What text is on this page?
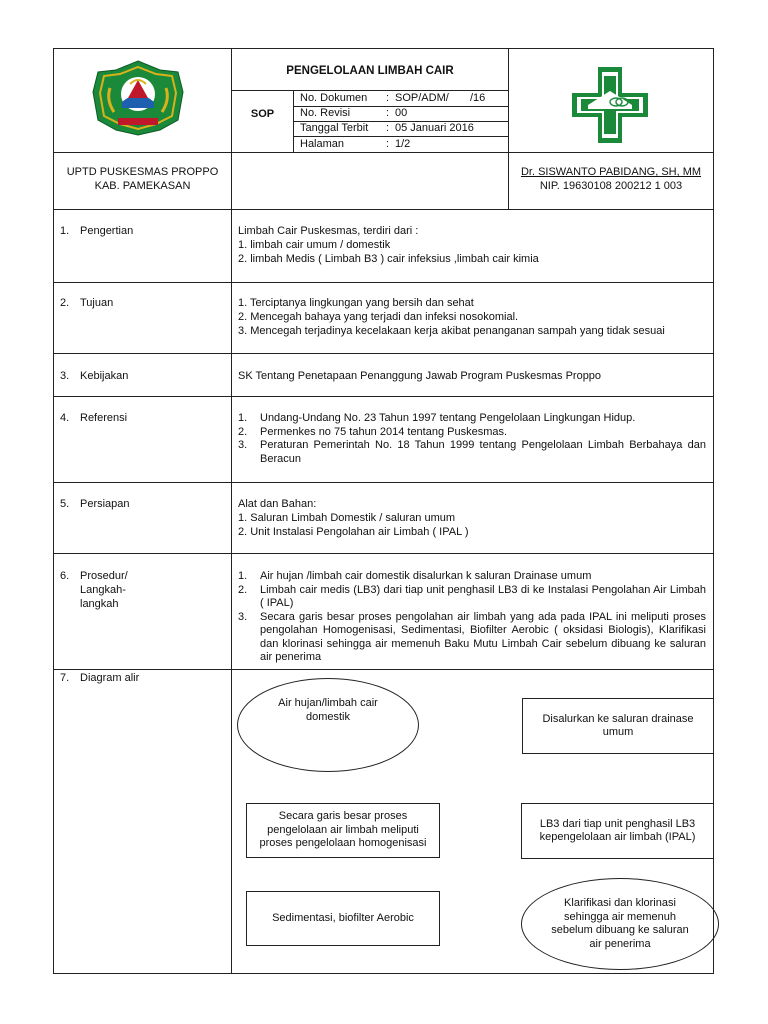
PENGELOLAAN LIMBAH CAIR
SOP
No. Dokumen : SOP/ADM/ /16
No. Revisi	: 00
Tanggal Terbit : 05 Januari 2016
Halaman	: 1/2
UPTD PUSKESMAS PROPPO
KAB. PAMEKASAN
Dr. SISWANTO PABIDANG, SH, MM
NIP. 19630108 200212 1 003
1. Pengertian	Limbah Cair Puskesmas, terdiri dari :
1. limbah cair umum / domestik
2. limbah Medis ( Limbah B3 ) cair infeksius ,limbah cair kimia
2. Tujuan	1. Terciptanya lingkungan yang bersih dan sehat
2. Mencegah bahaya yang terjadi dan infeksi nosokomial.
3. Mencegah terjadinya kecelakaan kerja akibat penanganan sampah yang tidak sesuai
3. Kebijakan	SK Tentang Penetapaan Penanggung Jawab Program Puskesmas Proppo
4. Referensi	1. Undang-Undang No. 23 Tahun 1997 tentang Pengelolaan Lingkungan Hidup.
2. Permenkes no 75 tahun 2014 tentang Puskesmas.
3. Peraturan Pemerintah No. 18 Tahun 1999 tentang Pengelolaan Limbah Berbahaya dan Beracun
5. Persiapan	Alat dan Bahan:
1. Saluran Limbah Domestik / saluran umum
2. Unit Instalasi Pengolahan air Limbah ( IPAL )
6. Prosedur/
Langkah-
langkah
1. Air hujan /limbah cair domestik disalurkan k saluran Drainase umum
2. Limbah cair medis (LB3) dari tiap unit penghasil LB3 di ke Instalasi Pengolahan Air Limbah ( IPAL)
3. Secara garis besar proses pengolahan air limbah yang ada pada IPAL ini meliputi proses pengolahan Homogenisasi, Sedimentasi, Biofilter Aerobic ( oksidasi Biologis), Klarifikasi dan klorinasi sehingga air memenuh Baku Mutu Limbah Cair sebelum dibuang ke saluran air penerima
7. Diagram alir
Air hujan/limbah cair domestik	Disalurkan ke saluran drainase umum
Secara garis besar proses pengelolaan air limbah meliputi proses pengelolaan homogenisasi
LB3 dari tiap unit penghasil LB3 kepengelolaan air limbah (IPAL)
Sedimentasi, biofilter Aerobic
Klarifikasi dan klorinasi sehingga air memenuh sebelum dibuang ke saluran air penerima
